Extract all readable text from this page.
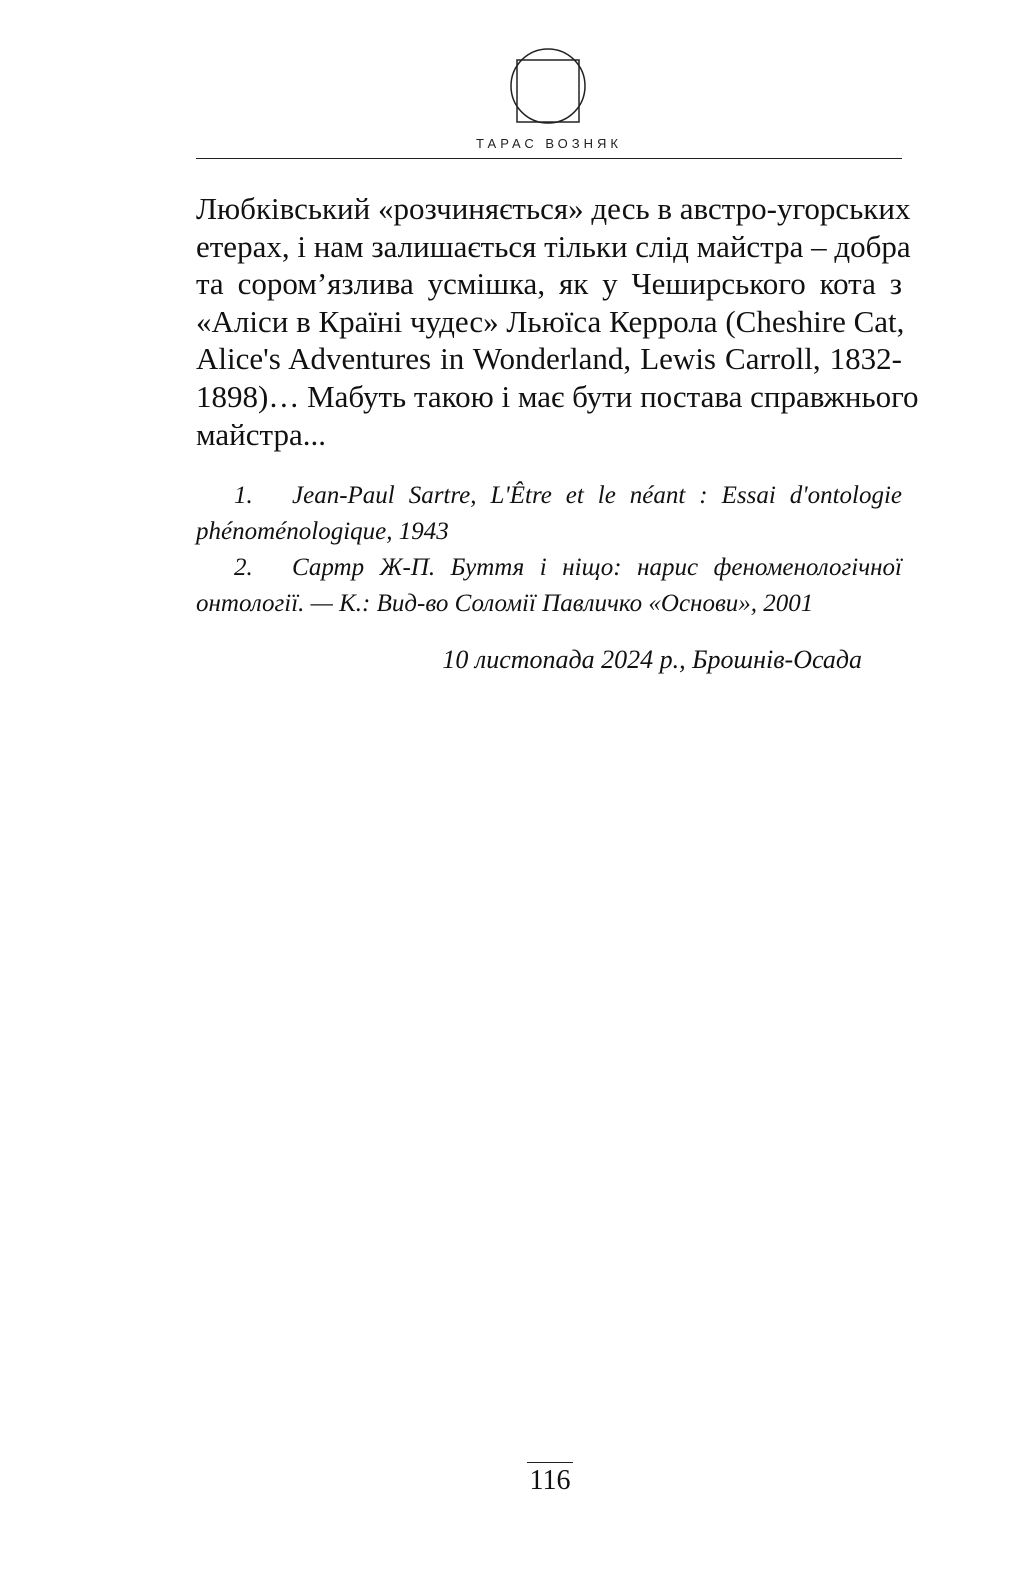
ТАРАС ВОЗНЯК
Любківський «розчиняється» десь в австро-угорських
етерах, і нам залишається тільки слід майстра – добра
та сором’язлива усмішка, як у Чеширського кота з
«Аліси в Країні чудес» Льюїса Керрола (Cheshire Cat,
Alice's Adventures in Wonderland, Lewis Carroll, 1832-
1898)… Мабуть такою і має бути постава справжнього
майстра...
1. Jean-Paul Sartre, L'Être et le néant : Essai d'ontologie
phénoménologique, 1943
2. Сартр Ж-П. Буття і ніщо: нарис феноменологічної
онтології. — К.: Вид-во Соломії Павличко «Основи», 2001
10 листопада 2024 р., Брошнів-Осада
116
